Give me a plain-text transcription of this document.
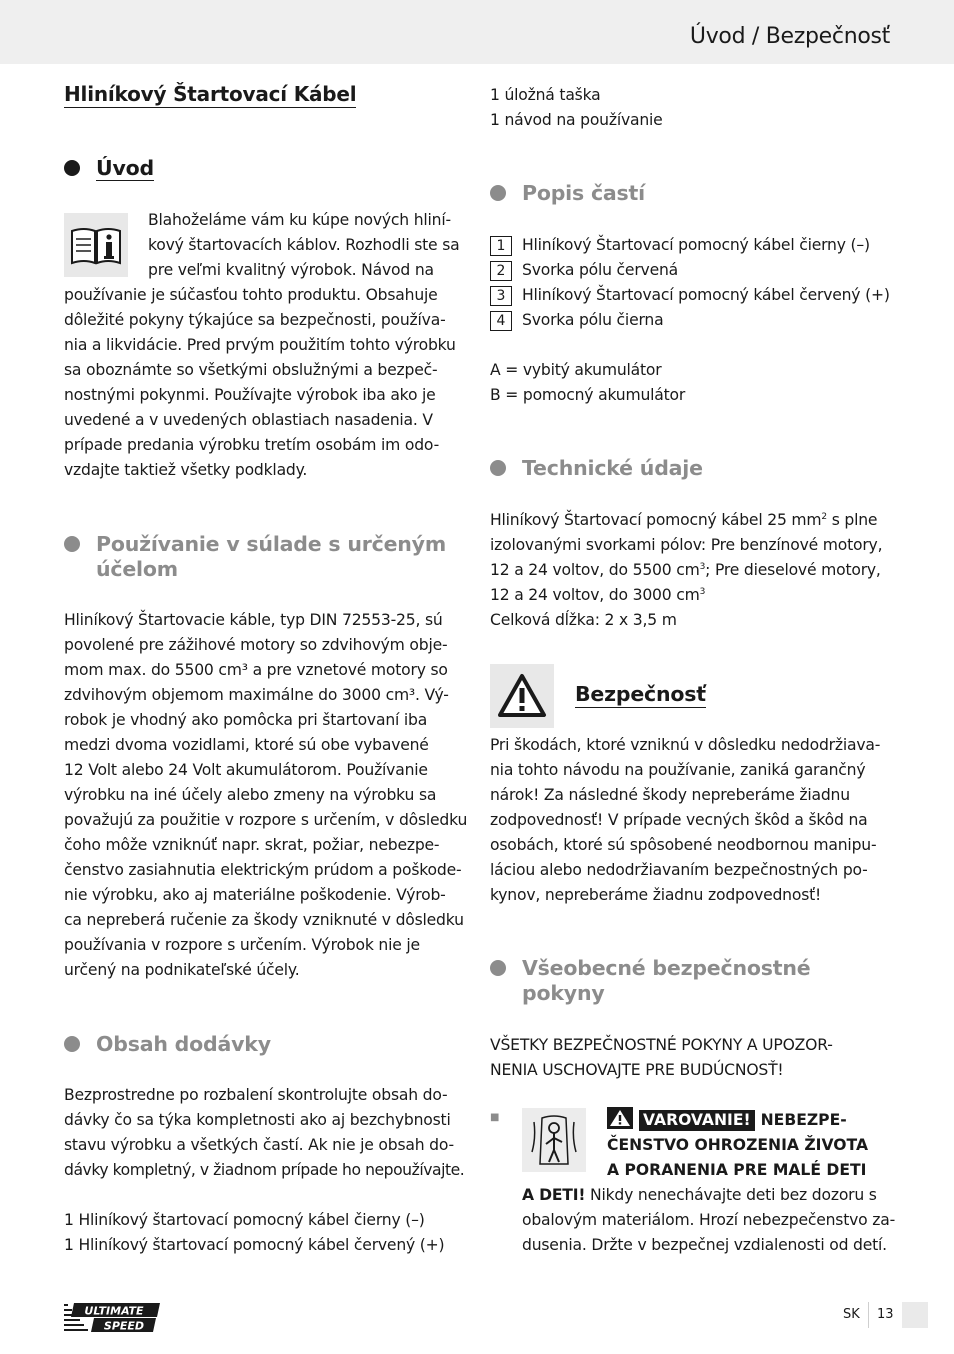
Úvod / Bezpečnosť
Hliníkový Štartovací Kábel
Úvod

Blahoželáme vám ku kúpe nových hliní-

kový štartovacích káblov. Rozhodli ste sa

pre veľmi kvalitný výrobok. Návod na

používanie je súčasťou tohto produktu. Obsahuje

dôležité pokyny týkajúce sa bezpečnosti, používa-

nia a likvidácie. Pred prvým použitím tohto výrobku

sa oboznámte so všetkými obslužnými a bezpeč-

nostnými pokynmi. Používajte výrobok iba ako je

uvedené a v uvedených oblastiach nasadenia. V

prípade predania výrobku tretím osobám im odo-

vzdajte taktiež všetky podklady.

Používanie v súlade s určeným
účelom

Hliníkový Štartovacie káble, typ DIN 72553-25, sú

povolené pre zážihové motory so zdvihovým obje-

mom max. do 5500 cm³ a pre vznetové motory so

zdvihovým objemom maximálne do 3000 cm³. Vý-

robok je vhodný ako pomôcka pri štartovaní iba

medzi dvoma vozidlami, ktoré sú obe vybavené

12 Volt alebo 24 Volt akumulátorom. Používanie

výrobku na iné účely alebo zmeny na výrobku sa

považujú za použitie v rozpore s určením, v dôsledku

čoho môže vzniknúť napr. skrat, požiar, nebezpe-

čenstvo zasiahnutia elektrickým prúdom a poškode-

nie výrobku, ako aj materiálne poškodenie. Výrob-

ca nepreberá ručenie za škody vzniknuté v dôsledku

používania v rozpore s určením. Výrobok nie je

určený na podnikateľské účely.

Obsah dodávky

Bezprostredne po rozbalení skontrolujte obsah do-

dávky čo sa týka kompletnosti ako aj bezchybnosti

stavu výrobku a všetkých častí. Ak nie je obsah do-

dávky kompletný, v žiadnom prípade ho nepoužívajte.

1 Hliníkový štartovací pomocný kábel čierny (–)

1 Hliníkový štartovací pomocný kábel červený (+)

1 úložná taška

1 návod na používanie

Popis častí
1	Hliníkový Štartovací pomocný kábel čierny (–)
2	Svorka pólu červená
3	Hliníkový Štartovací pomocný kábel červený (+)
4	Svorka pólu čierna

A = vybitý akumulátor

B = pomocný akumulátor

Technické údaje

Hliníkový Štartovací pomocný kábel 25 $mm^2$ s plne

izolovanými svorkami pólov: Pre benzínové motory,

12 a 24 voltov, do 5500 $cm^3$; Pre dieselové motory,

12 a 24 voltov, do 3000 $cm^3$

Celková dĺžka: 2 x 3,5 m

Bezpečnosť

Pri škodách, ktoré vzniknú v dôsledku nedodržiava-

nia tohto návodu na používanie, zaniká garančný

nárok! Za následné škody nepreberáme žiadnu

zodpovednosť! V prípade vecných škôd a škôd na

osobách, ktoré sú spôsobené neodbornou manipu-

láciou alebo nedodržiavaním bezpečnostných po-

kynov, nepreberáme žiadnu zodpovednosť!

Všeobecné bezpečnostné
pokyny

VŠETKY BEZPEČNOSTNÉ POKYNY A UPOZOR-

NENIA USCHOVAJTE PRE BUDÚCNOSŤ!

■	VAROVANIE! NEBEZPE-
ČENSTVO OHROZENIA ŽIVOTA
A PORANENIA PRE MALÉ DETI

A DETI! Nikdy nenechávajte deti bez dozoru s

obalovým materiálom. Hrozí nebezpečenstvo za-

dusenia. Držte v bezpečnej vzdialenosti od detí.

ULTIMATE
SPEED
SK 13
